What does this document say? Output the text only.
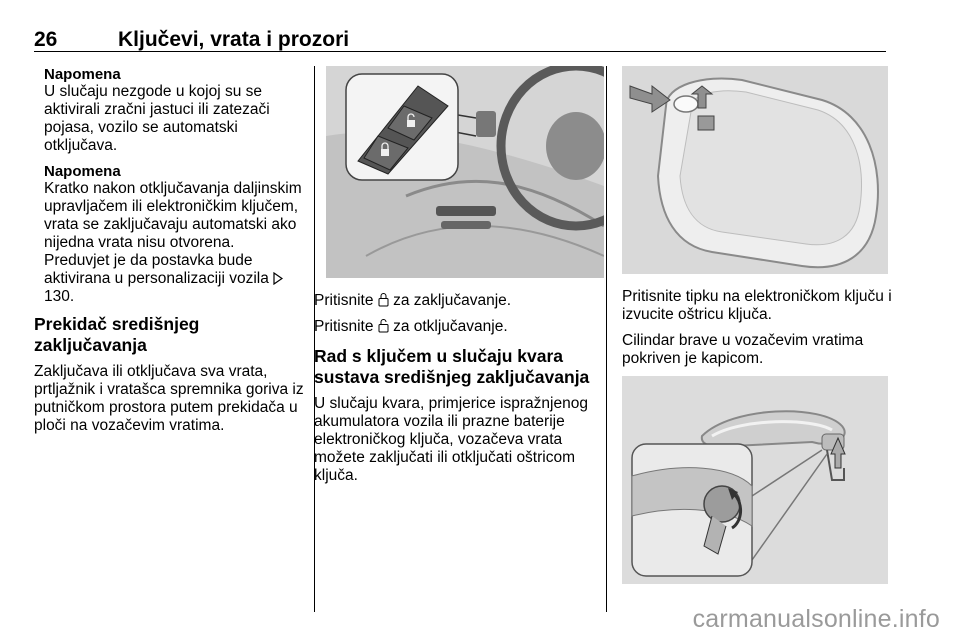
26	Ključevi, vrata i prozori
Napomena
U slučaju nezgode u kojoj su se aktivirali zračni jastuci ili zatezači pojasa, vozilo se automatski otključava.
Napomena
Kratko nakon otključavanja daljinskim upravljačem ili elektroničkim ključem, vrata se zaključavaju automatski ako nijedna vrata nisu otvorena. Preduvjet je da postavka bude aktivirana u personalizaciji vozila  130.
Prekidač središnjeg zaključavanja
Zaključava ili otključava sva vrata, prtljažnik i vratašca spremnika goriva iz putničkom prostora putem prekidača u ploči na vozačevim vratima.
Pritisnite za zaključavanje.
Pritisnite za otključavanje.
Rad s ključem u slučaju kvara sustava središnjeg zaključavanja
U slučaju kvara, primjerice ispražnjenog akumulatora vozila ili prazne baterije elektroničkog ključa, vozačeva vrata možete zaključati ili otključati oštricom ključa.
Pritisnite tipku na elektroničkom ključu i izvucite oštricu ključa.
Cilindar brave u vozačevim vratima pokriven je kapicom.
carmanualsonline.info
